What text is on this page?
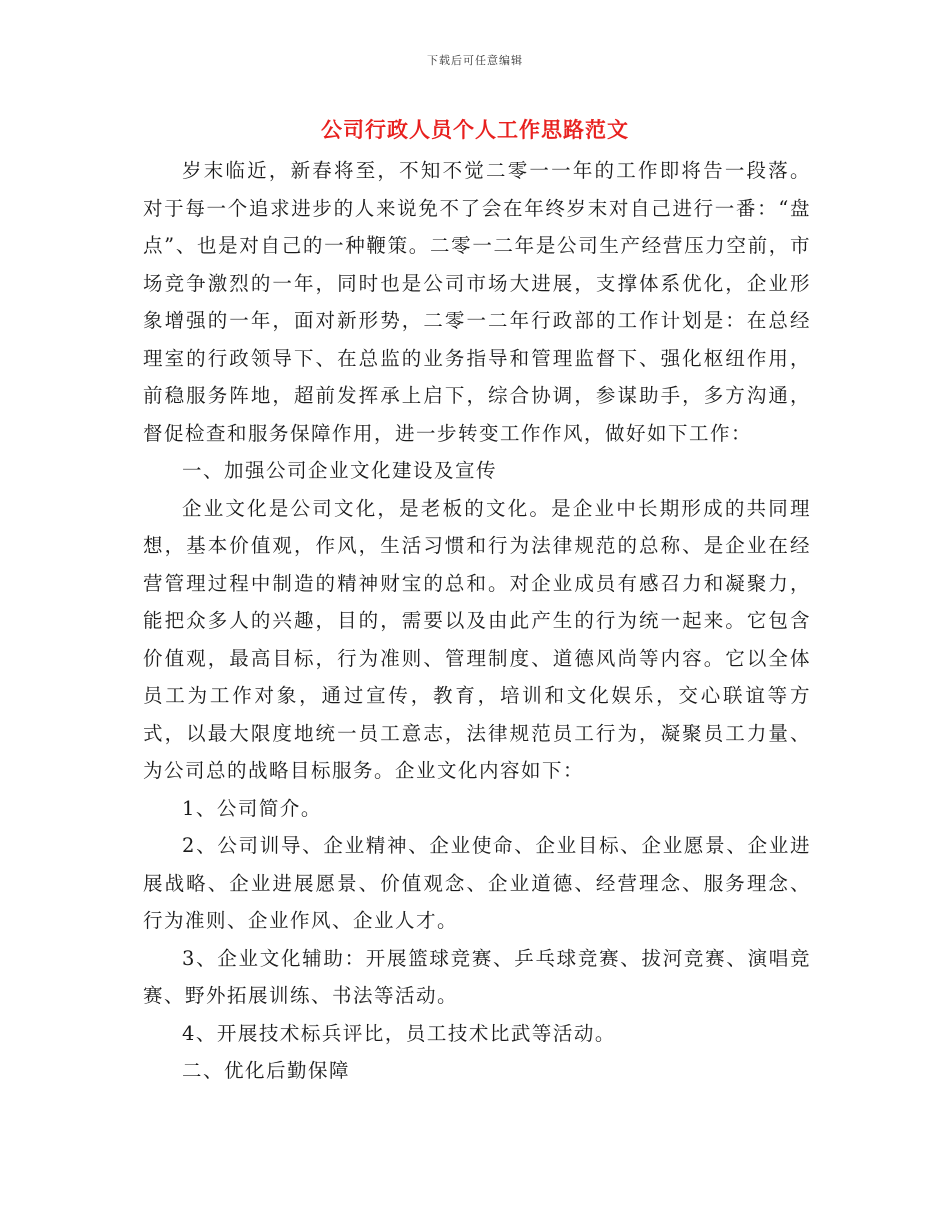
下载后可任意编辑
公司行政人员个人工作思路范文

岁末临近，新春将至，不知不觉二零一一年的工作即将告一段落。对于每一个追求进步的人来说免不了会在年终岁末对自己进行一番：“盘点”、也是对自己的一种鞭策。二零一二年是公司生产经营压力空前，市场竞争激烈的一年，同时也是公司市场大进展，支撑体系优化，企业形象增强的一年，面对新形势，二零一二年行政部的工作计划是：在总经理室的行政领导下、在总监的业务指导和管理监督下、强化枢纽作用，前稳服务阵地，超前发挥承上启下，综合协调，参谋助手，多方沟通，督促检查和服务保障作用，进一步转变工作作风，做好如下工作：

一、加强公司企业文化建设及宣传

企业文化是公司文化，是老板的文化。是企业中长期形成的共同理想，基本价值观，作风，生活习惯和行为法律规范的总称、是企业在经营管理过程中制造的精神财宝的总和。对企业成员有感召力和凝聚力，能把众多人的兴趣，目的，需要以及由此产生的行为统一起来。它包含价值观，最高目标，行为准则、管理制度、道德风尚等内容。它以全体员工为工作对象，通过宣传，教育，培训和文化娱乐，交心联谊等方式，以最大限度地统一员工意志，法律规范员工行为，凝聚员工力量、为公司总的战略目标服务。企业文化内容如下：

1、公司简介。

2、公司训导、企业精神、企业使命、企业目标、企业愿景、企业进展战略、企业进展愿景、价值观念、企业道德、经营理念、服务理念、行为准则、企业作风、企业人才。

3、企业文化辅助：开展篮球竞赛、乒乓球竞赛、拔河竞赛、演唱竞赛、野外拓展训练、书法等活动。

4、开展技术标兵评比，员工技术比武等活动。

二、优化后勤保障
